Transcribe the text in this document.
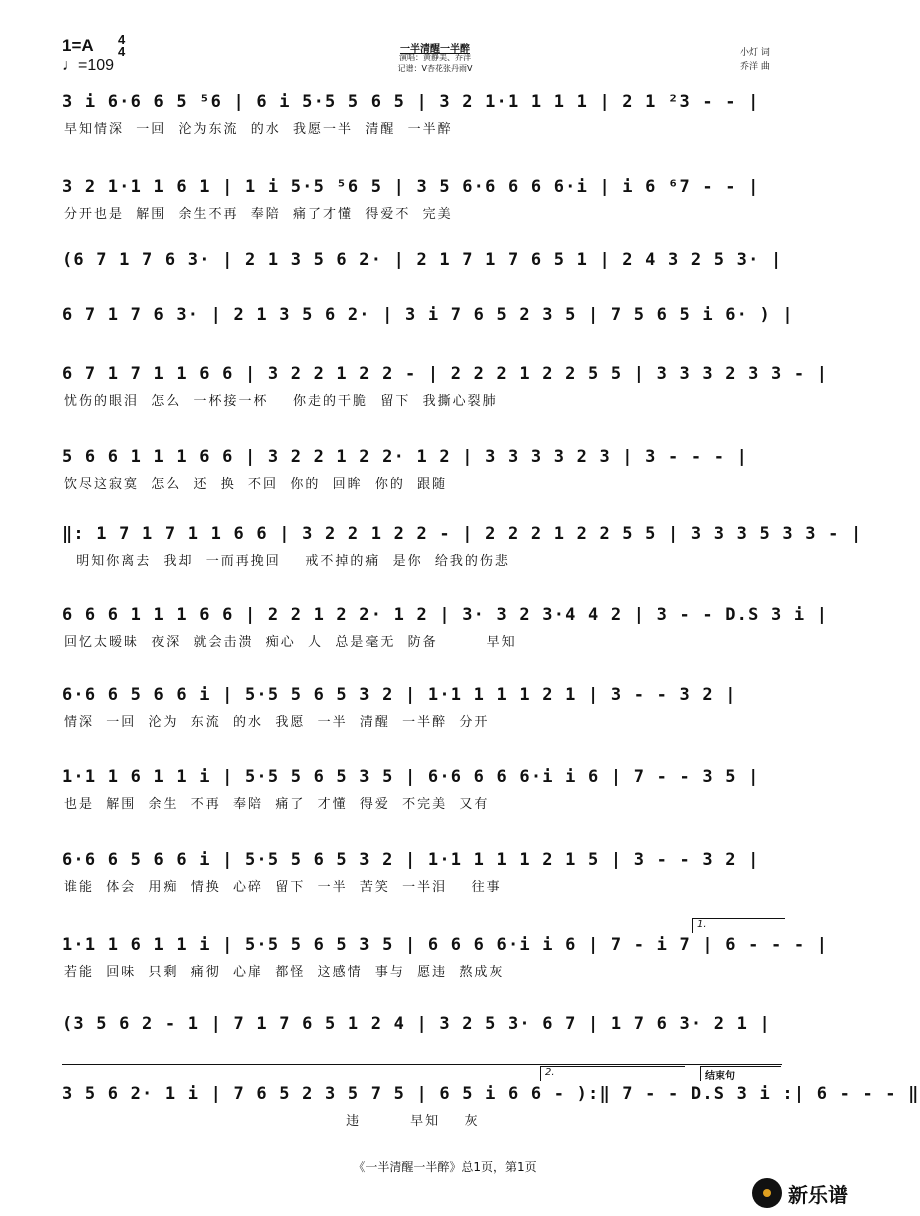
1=A
♩=109
4
4	一半清醒一半醉
演唱：黄静美、乔洋
记谱：V杏花张丹雨V
小灯 词
乔洋 曲
3 i 6·6 6 5 ⁵6 | 6 i 5·5 5 6 5 | 3 2 1·1 1 1 1 | 2 1 ²3 - - |
早知情深  一回  沦为东流  的水  我愿一半  清醒  一半醉
3 2 1·1 1 6 1 | 1 i 5·5 ⁵6 5 | 3 5 6·6 6 6 6·i | i 6 ⁶7 - - |
分开也是  解围  余生不再  奉陪  痛了才懂  得爱不  完美
(6 7 1 7 6 3· | 2 1 3 5 6 2· | 2 1 7 1 7 6 5 1 | 2 4 3 2 5 3· |
6 7 1 7 6 3· | 2 1 3 5 6 2· | 3 i 7 6 5 2 3 5 | 7 5 6 5 i 6· ) |
6 7 1 7 1 1 6 6 | 3 2 2 1 2 2 - | 2 2 2 1 2 2 5 5 | 3 3 3 2 3 3 - |
忧伤的眼泪  怎么  一杯接一杯    你走的干脆  留下  我撕心裂肺
5 6 6 1 1 1 6 6 | 3 2 2 1 2 2· 1 2 | 3 3 3 3 2 3 | 3 - - - |
饮尽这寂寞  怎么  还  换  不回  你的  回眸  你的  跟随
‖: 1 7 1 7 1 1 6 6 | 3 2 2 1 2 2 - | 2 2 2 1 2 2 5 5 | 3 3 3 5 3 3 - |
明知你离去  我却  一而再挽回    戒不掉的痛  是你  给我的伤悲
6 6 6 1 1 1 6 6 | 2 2 1 2 2· 1 2 | 3· 3 2 3·4 4 2 | 3 - - D.S 3 i |
回忆太暧昧  夜深  就会击溃  痴心  人  总是毫无  防备        早知
6·6 6 5 6 6 i | 5·5 5 6 5 3 2 | 1·1 1 1 1 2 1 | 3 - - 3 2 |
情深  一回  沦为  东流  的水  我愿  一半  清醒  一半醉  分开
1·1 1 6 1 1 i | 5·5 5 6 5 3 5 | 6·6 6 6 6·i i 6 | 7 - - 3 5 |
也是  解围  余生  不再  奉陪  痛了  才懂  得爱  不完美  又有
6·6 6 5 6 6 i | 5·5 5 6 5 3 2 | 1·1 1 1 1 2 1 5 | 3 - - 3 2 |
谁能  体会  用痴  情换  心碎  留下  一半  苦笑  一半泪    往事
1.
1·1 1 6 1 1 i | 5·5 5 6 5 3 5 | 6 6 6 6·i i 6 | 7 - i 7 | 6 - - - |
若能  回味  只剩  痛彻  心扉  都怪  这感情  事与  愿违  熬成灰
(3 5 6 2 - 1 | 7 1 7 6 5 1 2 4 | 3 2 5 3· 6 7 | 1 7 6 3· 2 1 |
2.	结束句
3 5 6 2· 1 i | 7 6 5 2 3 5 7 5 | 6 5 i 6 6 - ):‖ 7 - - D.S 3 i :| 6 - - - ‖
违        早知    灰
《一半清醒一半醉》总1页，第1页
新乐谱
